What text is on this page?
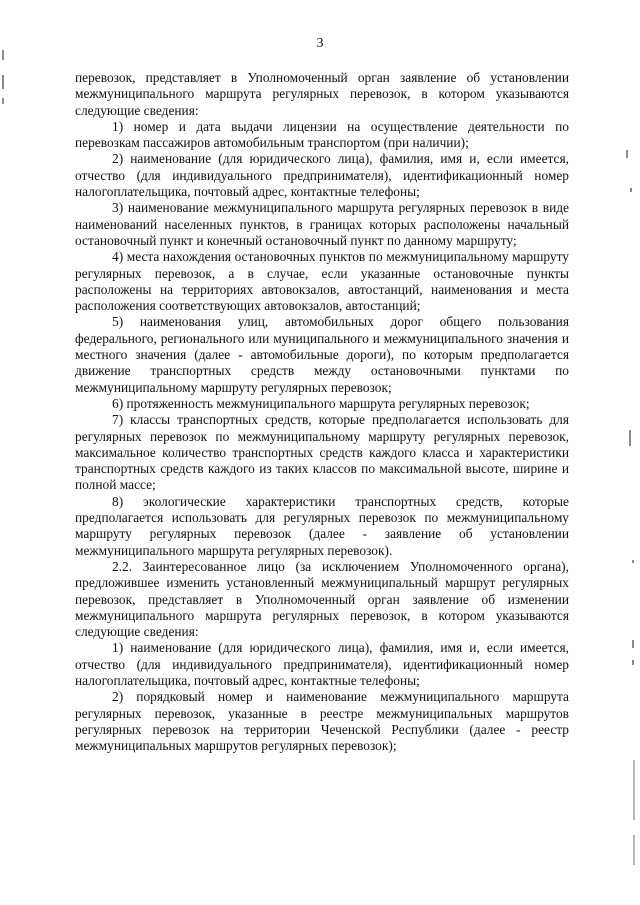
3

перевозок, представляет в Уполномоченный орган заявление об установлении межмуниципального маршрута регулярных перевозок, в котором указываются следующие сведения:

1) номер и дата выдачи лицензии на осуществление деятельности по перевозкам пассажиров автомобильным транспортом (при наличии);

2) наименование (для юридического лица), фамилия, имя и, если имеется, отчество (для индивидуального предпринимателя), идентификационный номер налогоплательщика, почтовый адрес, контактные телефоны;

3) наименование межмуниципального маршрута регулярных перевозок в виде наименований населенных пунктов, в границах которых расположены начальный остановочный пункт и конечный остановочный пункт по данному маршруту;

4) места нахождения остановочных пунктов по межмуниципальному маршруту регулярных перевозок, а в случае, если указанные остановочные пункты расположены на территориях автовокзалов, автостанций, наименования и места расположения соответствующих автовокзалов, автостанций;

5) наименования улиц, автомобильных дорог общего пользования федерального, регионального или муниципального и межмуниципального значения и местного значения (далее - автомобильные дороги), по которым предполагается движение транспортных средств между остановочными пунктами по межмуниципальному маршруту регулярных перевозок;

6) протяженность межмуниципального маршрута регулярных перевозок;

7) классы транспортных средств, которые предполагается использовать для регулярных перевозок по межмуниципальному маршруту регулярных перевозок, максимальное количество транспортных средств каждого класса и характеристики транспортных средств каждого из таких классов по максимальной высоте, ширине и полной массе;

8) экологические характеристики транспортных средств, которые предполагается использовать для регулярных перевозок по межмуниципальному маршруту регулярных перевозок (далее - заявление об установлении межмуниципального маршрута регулярных перевозок).

2.2. Заинтересованное лицо (за исключением Уполномоченного органа), предложившее изменить установленный межмуниципальный маршрут регулярных перевозок, представляет в Уполномоченный орган заявление об изменении межмуниципального маршрута регулярных перевозок, в котором указываются следующие сведения:

1) наименование (для юридического лица), фамилия, имя и, если имеется, отчество (для индивидуального предпринимателя), идентификационный номер налогоплательщика, почтовый адрес, контактные телефоны;

2) порядковый номер и наименование межмуниципального маршрута регулярных перевозок, указанные в реестре межмуниципальных маршрутов регулярных перевозок на территории Чеченской Республики (далее - реестр межмуниципальных маршрутов регулярных перевозок);
